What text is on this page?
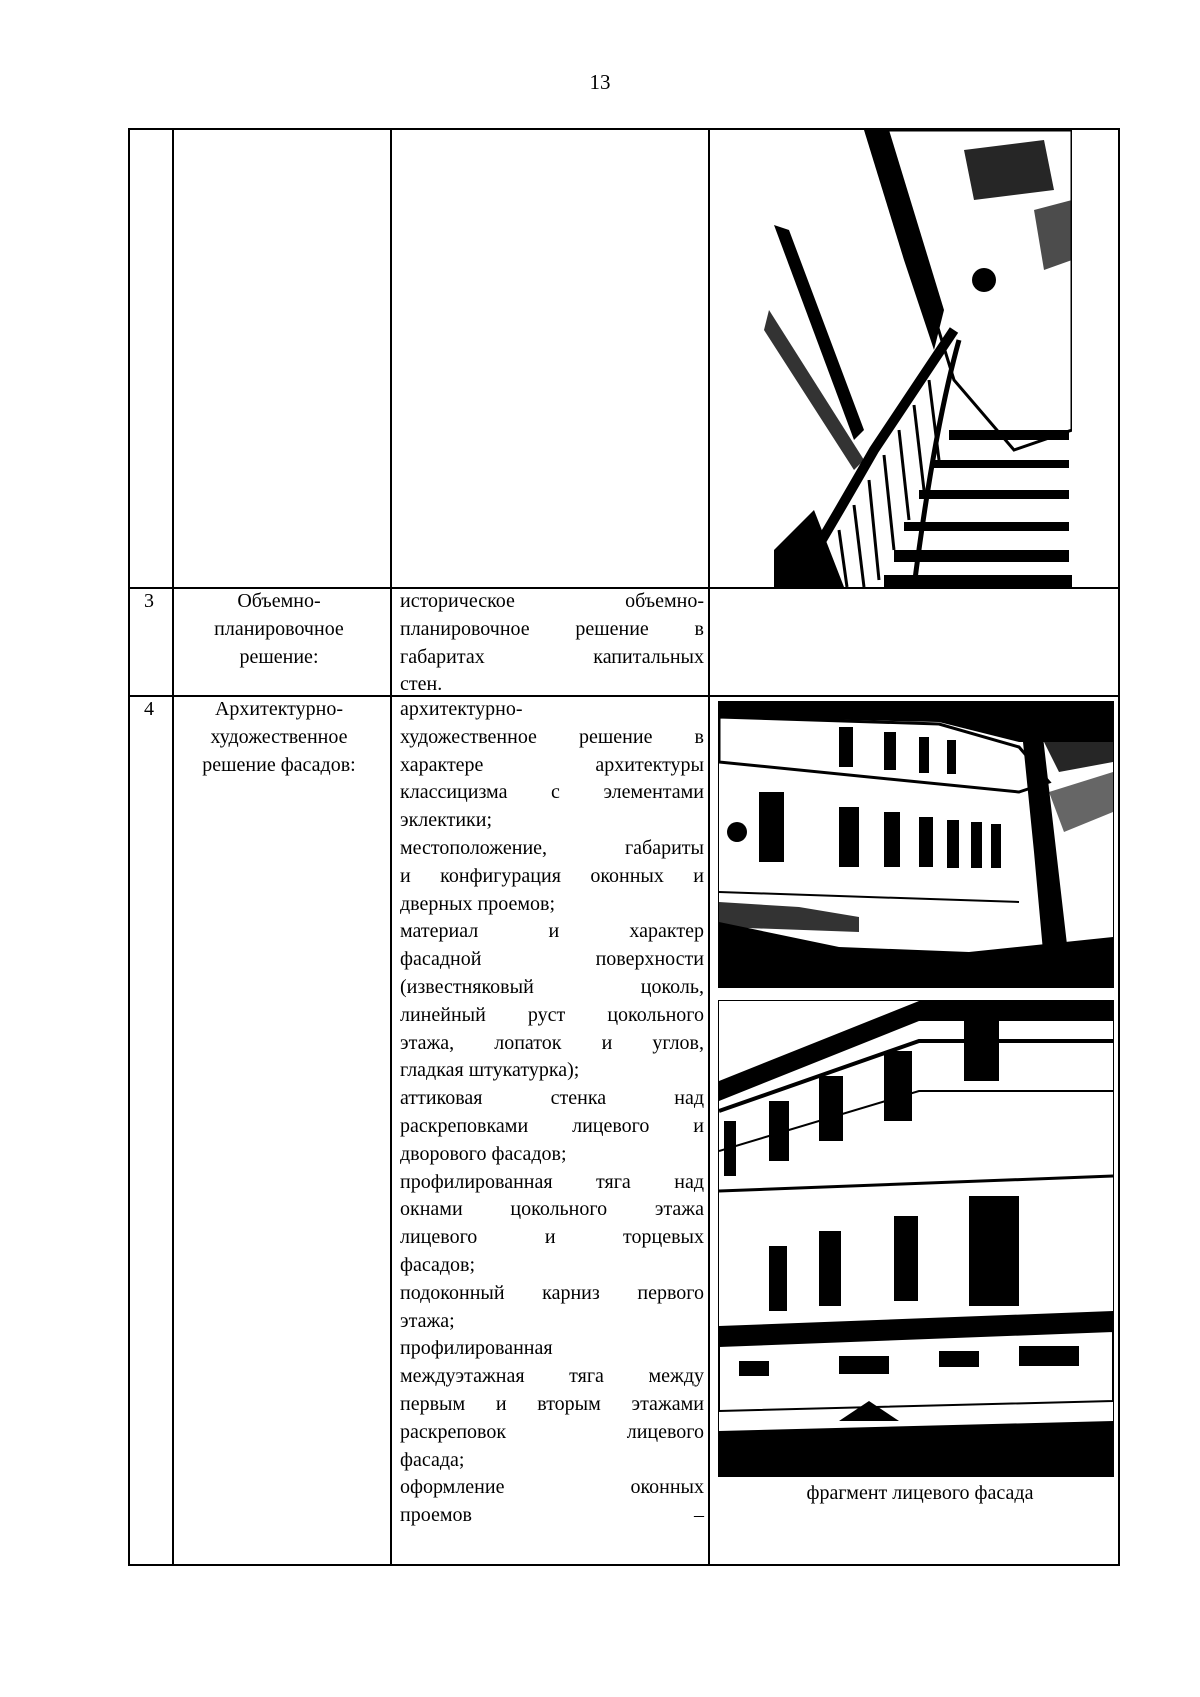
13
3	Объемно-
планировочное
решение:

историческое объемно-

планировочное решение в

габаритах капитальных

стен.

4	Архитектурно-
художественное
решение фасадов:

архитектурно-

художественное решение в

характере архитектуры

классицизма с элементами

эклектики;

местоположение, габариты

и конфигурация оконных и

дверных проемов;

материал и характер

фасадной поверхности

(известняковый цоколь,

линейный руст цокольного

этажа, лопаток и углов,

гладкая штукатурка);

аттиковая стенка над

раскреповками лицевого и

дворового фасадов;

профилированная тяга над

окнами цокольного этажа

лицевого и торцевых

фасадов;

подоконный карниз первого

этажа;

профилированная

междуэтажная тяга между

первым и вторым этажами

раскреповок лицевого

фасада;

оформление оконных

проемов –

фрагмент лицевого фасада
